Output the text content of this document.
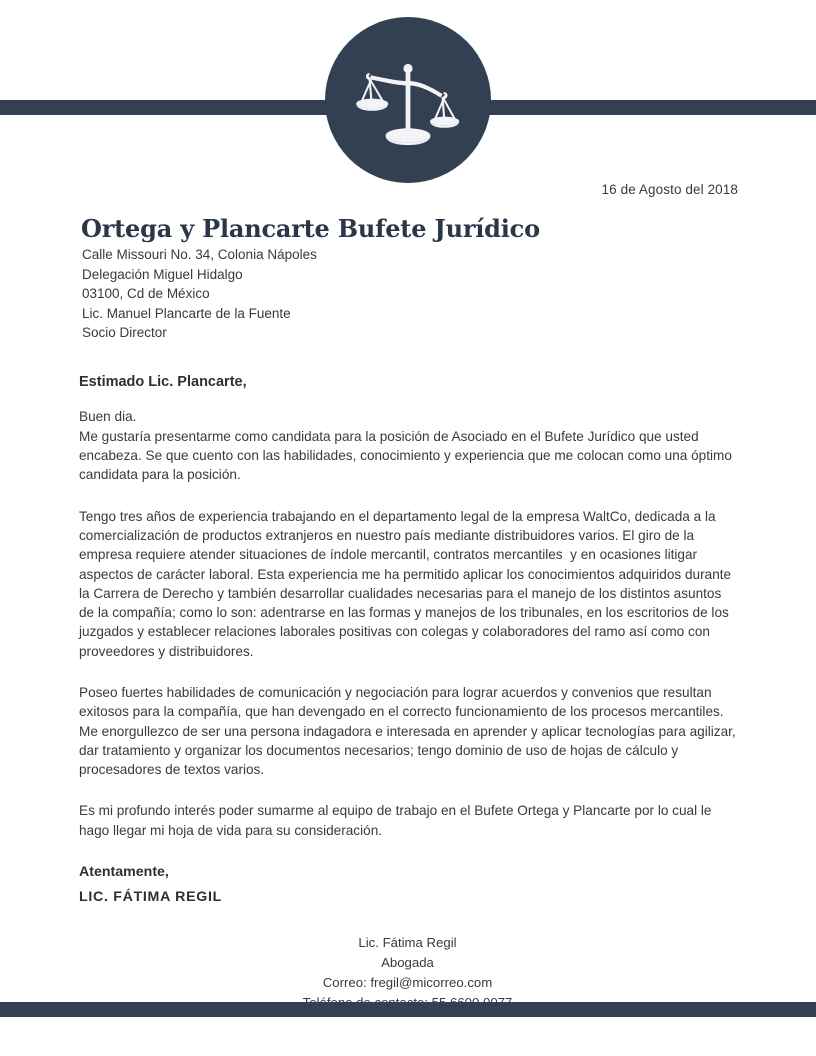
16 de Agosto del 2018
Ortega y Plancarte Bufete Jurídico
Calle Missouri No. 34, Colonia Nápoles
Delegación Miguel Hidalgo
03100, Cd de México
Lic. Manuel Plancarte de la Fuente
Socio Director
Estimado Lic. Plancarte,

Buen dia.

Me gustaría presentarme como candidata para la posición de Asociado en el Bufete Jurídico que usted encabeza. Se que cuento con las habilidades, conocimiento y experiencia que me colocan como una óptimo candidata para la posición.

Tengo tres años de experiencia trabajando en el departamento legal de la empresa WaltCo, dedicada a la comercialización de productos extranjeros en nuestro país mediante distribuidores varios. El giro de la empresa requiere atender situaciones de índole mercantil, contratos mercantiles  y en ocasiones litigar aspectos de carácter laboral. Esta experiencia me ha permitido aplicar los conocimientos adquiridos durante la Carrera de Derecho y también desarrollar cualidades necesarias para el manejo de los distintos asuntos de la compañía; como lo son: adentrarse en las formas y manejos de los tribunales, en los escritorios de los juzgados y establecer relaciones laborales positivas con colegas y colaboradores del ramo así como con proveedores y distribuidores.

Poseo fuertes habilidades de comunicación y negociación para lograr acuerdos y convenios que resultan exitosos para la compañía, que han devengado en el correcto funcionamiento de los procesos mercantiles. Me enorgullezco de ser una persona indagadora e interesada en aprender y aplicar tecnologías para agilizar, dar tratamiento y organizar los documentos necesarios; tengo dominio de uso de hojas de cálculo y procesadores de textos varios.

Es mi profundo interés poder sumarme al equipo de trabajo en el Bufete Ortega y Plancarte por lo cual le hago llegar mi hoja de vida para su consideración.

Atentamente,
LIC. FÁTIMA REGIL
Lic. Fátima Regil
Abogada
Correo: fregil@micorreo.com
